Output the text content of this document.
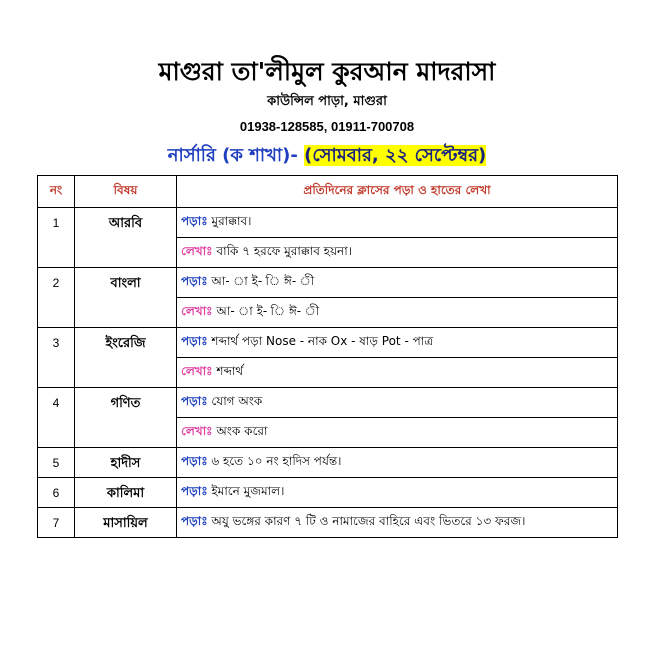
মাগুরা তা'লীমুল কুরআন মাদরাসা
কাউন্সিল পাড়া, মাগুরা
01938-128585, 01911-700708
নার্সারি (ক শাখা)- (সোমবার, ২২ সেপ্টেম্বর)
নং	বিষয়	প্রতিদিনের ক্লাসের পড়া ও হাতের লেখা
1	আরবি	পড়াঃ মুরাক্কাব।
		লেখাঃ বাকি ৭ হরফে মুরাক্কাব হয়না।
2	বাংলা	পড়াঃ আ- া ই- ি ঈ- ী
		লেখাঃ আ- া ই- ি ঈ- ী
3	ইংরেজি	পড়াঃ শব্দার্থ পড়া Nose - নাক Ox - ষাড় Pot - পাত্র
		লেখাঃ শব্দার্থ
4	গণিত	পড়াঃ যোগ অংক
		লেখাঃ অংক করো
5	হাদীস	পড়াঃ ৬ হতে ১০ নং হাদিস পর্যন্ত।
6	কালিমা	পড়াঃ ইমানে মুজমাল।
7	মাসায়িল	পড়াঃ অযু ভঙ্গের কারণ ৭ টি ও নামাজের বাহিরে এবং ভিতরে ১৩ ফরজ।
